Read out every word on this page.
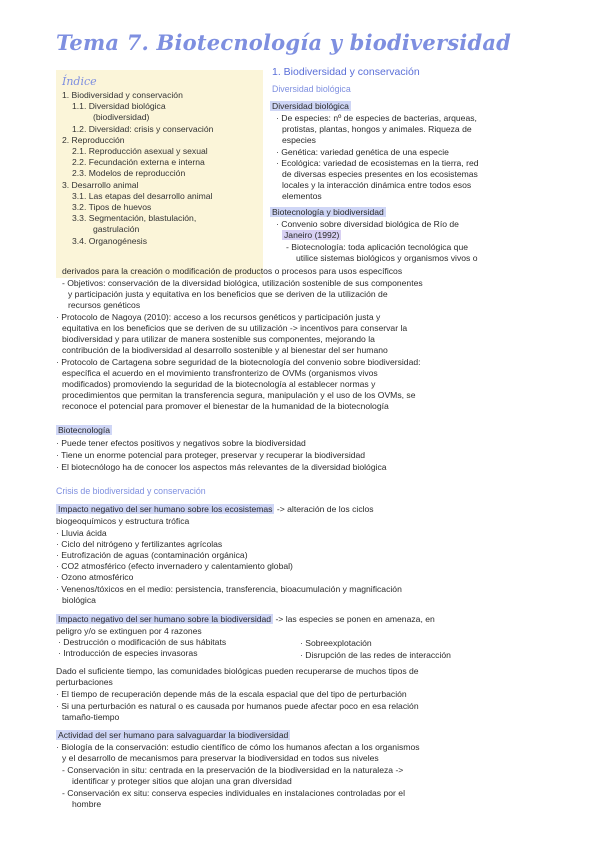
Tema 7. Biotecnología y biodiversidad
Índice
1. Biodiversidad y conservación
1.1. Diversidad biológica
(biodiversidad)
1.2. Diversidad: crisis y conservación
2. Reproducción
2.1. Reproducción asexual y sexual
2.2. Fecundación externa e interna
2.3. Modelos de reproducción
3. Desarrollo animal
3.1. Las etapas del desarrollo animal
3.2. Tipos de huevos
3.3. Segmentación, blastulación,
gastrulación
3.4. Organogénesis
1. Biodiversidad y conservación
Diversidad biológica
Diversidad biológica
· De especies: nº de especies de bacterias, arqueas,
protistas, plantas, hongos y animales. Riqueza de
especies
· Genética: variedad genética de una especie
· Ecológica: variedad de ecosistemas en la tierra, red
de diversas especies presentes en los ecosistemas
locales y la interacción dinámica entre todos esos
elementos
Biotecnología y biodiversidad
· Convenio sobre diversidad biológica de Río de
Janeiro (1992)
- Biotecnología: toda aplicación tecnológica que
utilice sistemas biológicos y organismos vivos o
derivados para la creación o modificación de productos o procesos para usos específicos
- Objetivos: conservación de la diversidad biológica, utilización sostenible de sus componentes
y participación justa y equitativa en los beneficios que se deriven de la utilización de
recursos genéticos
· Protocolo de Nagoya (2010): acceso a los recursos genéticos y participación justa y
equitativa en los beneficios que se deriven de su utilización -> incentivos para conservar la
biodiversidad y para utilizar de manera sostenible sus componentes, mejorando la
contribución de la biodiversidad al desarrollo sostenible y al bienestar del ser humano
· Protocolo de Cartagena sobre seguridad de la biotecnología del convenio sobre biodiversidad:
específica el acuerdo en el movimiento transfronterizo de OVMs (organismos vivos
modificados) promoviendo la seguridad de la biotecnología al establecer normas y
procedimientos que permitan la transferencia segura, manipulación y el uso de los OVMs, se
reconoce el potencial para promover el bienestar de la humanidad de la biotecnología
Biotecnología
· Puede tener efectos positivos y negativos sobre la biodiversidad
· Tiene un enorme potencial para proteger, preservar y recuperar la biodiversidad
· El biotecnólogo ha de conocer los aspectos más relevantes de la diversidad biológica
Crisis de biodiversidad y conservación
Impacto negativo del ser humano sobre los ecosistemas -> alteración de los ciclos
biogeoquímicos y estructura trófica
· Lluvia ácida
· Ciclo del nitrógeno y fertilizantes agrícolas
· Eutrofización de aguas (contaminación orgánica)
· CO2 atmosférico (efecto invernadero y calentamiento global)
· Ozono atmosférico
· Venenos/tóxicos en el medio: persistencia, transferencia, bioacumulación y magnificación
biológica
Impacto negativo del ser humano sobre la biodiversidad -> las especies se ponen en amenaza, en
peligro y/o se extinguen por 4 razones
· Destrucción o modificación de sus hábitats
· Introducción de especies invasoras
· Sobreexplotación
· Disrupción de las redes de interacción
Dado el suficiente tiempo, las comunidades biológicas pueden recuperarse de muchos tipos de
perturbaciones
· El tiempo de recuperación depende más de la escala espacial que del tipo de perturbación
· Si una perturbación es natural o es causada por humanos puede afectar poco en esa relación
tamaño-tiempo
Actividad del ser humano para salvaguardar la biodiversidad
· Biología de la conservación: estudio científico de cómo los humanos afectan a los organismos
y el desarrollo de mecanismos para preservar la biodiversidad en todos sus niveles
- Conservación in situ: centrada en la preservación de la biodiversidad en la naturaleza ->
identificar y proteger sitios que alojan una gran diversidad
- Conservación ex situ: conserva especies individuales en instalaciones controladas por el
hombre
